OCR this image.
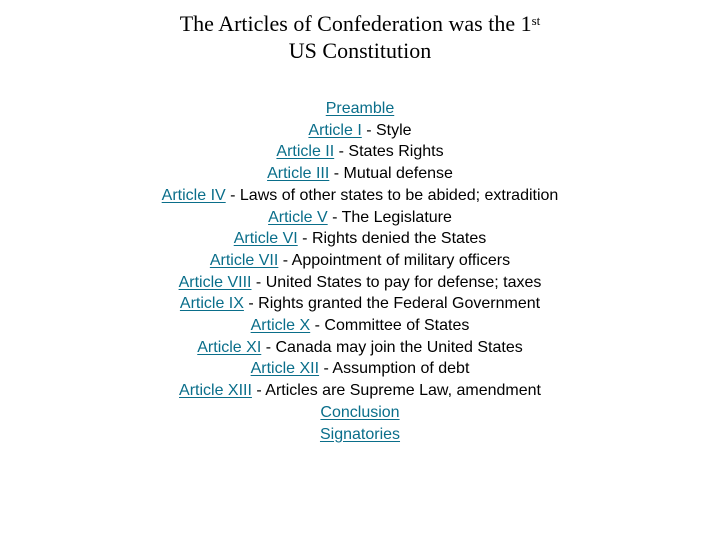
The Articles of Confederation was the 1st
US Constitution
Preamble
Article I - Style
Article II - States Rights
Article III - Mutual defense
Article IV - Laws of other states to be abided; extradition
Article V - The Legislature
Article VI - Rights denied the States
Article VII - Appointment of military officers
Article VIII - United States to pay for defense; taxes
Article IX - Rights granted the Federal Government
Article X - Committee of States
Article XI - Canada may join the United States
Article XII - Assumption of debt
Article XIII - Articles are Supreme Law, amendment
Conclusion
Signatories
